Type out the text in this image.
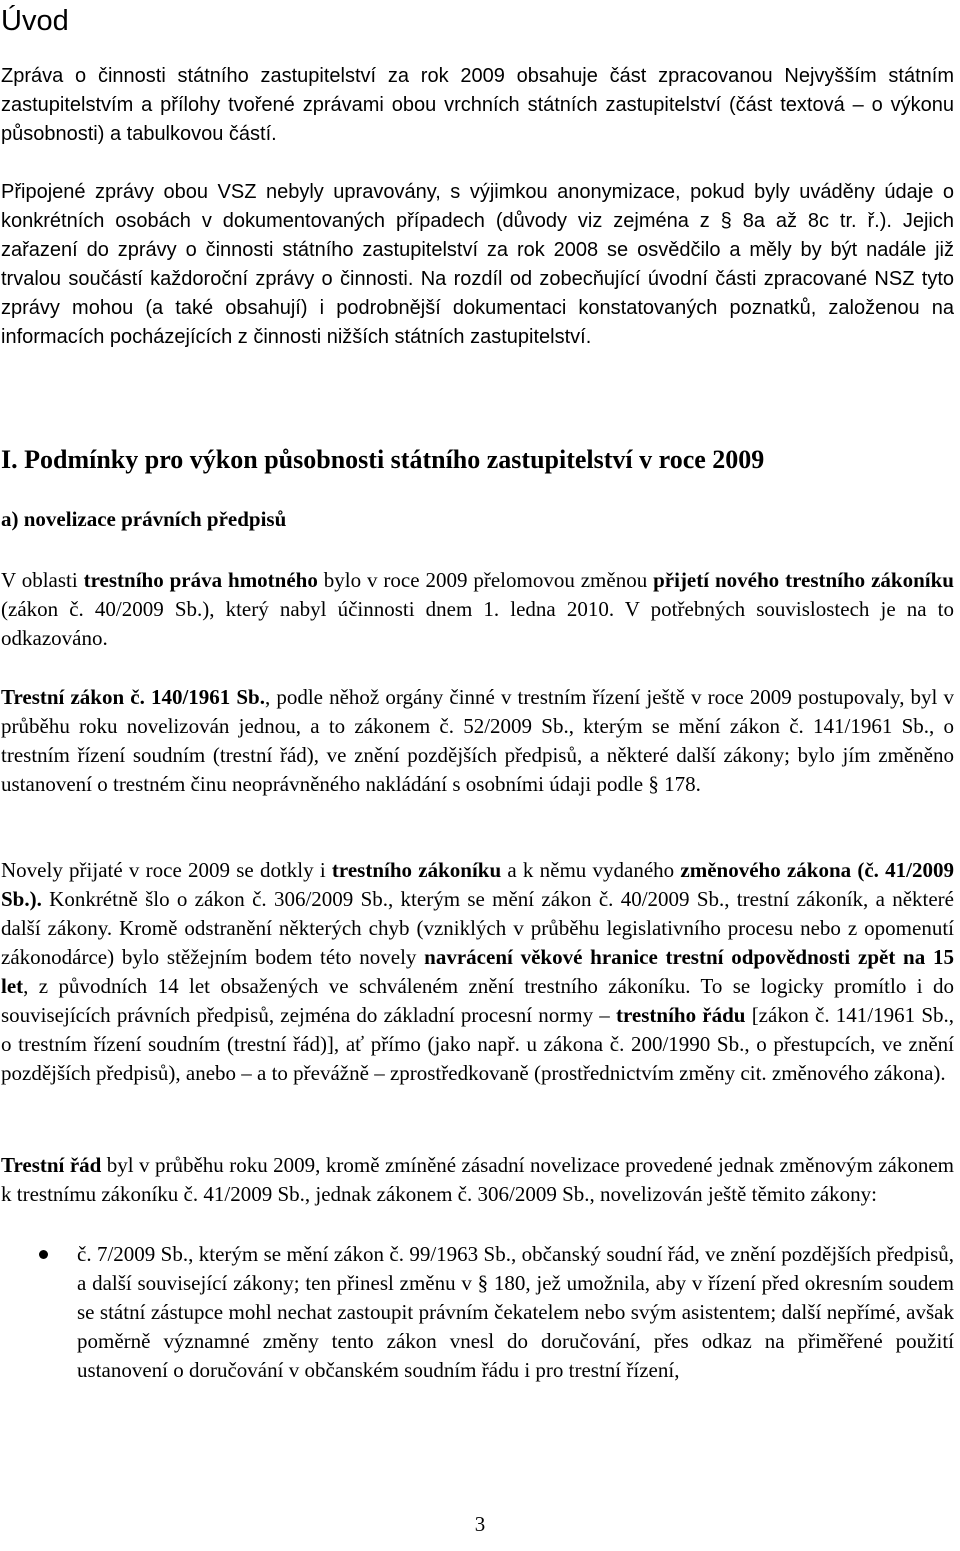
Úvod

Zpráva o činnosti státního zastupitelství za rok 2009 obsahuje část zpracovanou Nejvyšším státním zastupitelstvím a přílohy tvořené zprávami obou vrchních státních zastupitelství (část textová – o výkonu působnosti) a tabulkovou částí.

Připojené zprávy obou VSZ nebyly upravovány, s výjimkou anonymizace, pokud byly uváděny údaje o konkrétních osobách v dokumentovaných případech (důvody viz zejména z § 8a až 8c tr. ř.). Jejich zařazení do zprávy o činnosti státního zastupitelství za rok 2008 se osvědčilo a měly by být nadále již trvalou součástí každoroční zprávy o činnosti. Na rozdíl od zobecňující úvodní části zpracované NSZ tyto zprávy mohou (a také obsahují) i podrobnější dokumentaci konstatovaných poznatků, založenou na informacích pocházejících z činnosti nižších státních zastupitelství.

I. Podmínky pro výkon působnosti státního zastupitelství v roce 2009
a) novelizace právních předpisů

V oblasti trestního práva hmotného bylo v roce 2009 přelomovou změnou přijetí nového trestního zákoníku (zákon č. 40/2009 Sb.), který nabyl účinnosti dnem 1. ledna 2010. V potřebných souvislostech je na to odkazováno.

Trestní zákon č. 140/1961 Sb., podle něhož orgány činné v trestním řízení ještě v roce 2009 postupovaly, byl v průběhu roku novelizován jednou, a to zákonem č. 52/2009 Sb., kterým se mění zákon č. 141/1961 Sb., o trestním řízení soudním (trestní řád), ve znění pozdějších předpisů, a některé další zákony; bylo jím změněno ustanovení o trestném činu neoprávněného nakládání s osobními údaji podle § 178.

Novely přijaté v roce 2009 se dotkly i trestního zákoníku a k němu vydaného změnového zákona (č. 41/2009 Sb.). Konkrétně šlo o zákon č. 306/2009 Sb., kterým se mění zákon č. 40/2009 Sb., trestní zákoník, a některé další zákony. Kromě odstranění některých chyb (vzniklých v průběhu legislativního procesu nebo z opomenutí zákonodárce) bylo stěžejním bodem této novely navrácení věkové hranice trestní odpovědnosti zpět na 15 let, z původních 14 let obsažených ve schváleném znění trestního zákoníku. To se logicky promítlo i do souvisejících právních předpisů, zejména do základní procesní normy – trestního řádu [zákon č. 141/1961 Sb., o trestním řízení soudním (trestní řád)], ať přímo (jako např. u zákona č. 200/1990 Sb., o přestupcích, ve znění pozdějších předpisů), anebo – a to převážně – zprostředkovaně (prostřednictvím změny cit. změnového zákona).

Trestní řád byl v průběhu roku 2009, kromě zmíněné zásadní novelizace provedené jednak změnovým zákonem k trestnímu zákoníku č. 41/2009 Sb., jednak zákonem č. 306/2009 Sb., novelizován ještě těmito zákony:

č. 7/2009 Sb., kterým se mění zákon č. 99/1963 Sb., občanský soudní řád, ve znění pozdějších předpisů, a další související zákony; ten přinesl změnu v § 180, jež umožnila, aby v řízení před okresním soudem se státní zástupce mohl nechat zastoupit právním čekatelem nebo svým asistentem; další nepřímé, avšak poměrně významné změny tento zákon vnesl do doručování, přes odkaz na přiměřené použití ustanovení o doručování v občanském soudním řádu i pro trestní řízení,

3
